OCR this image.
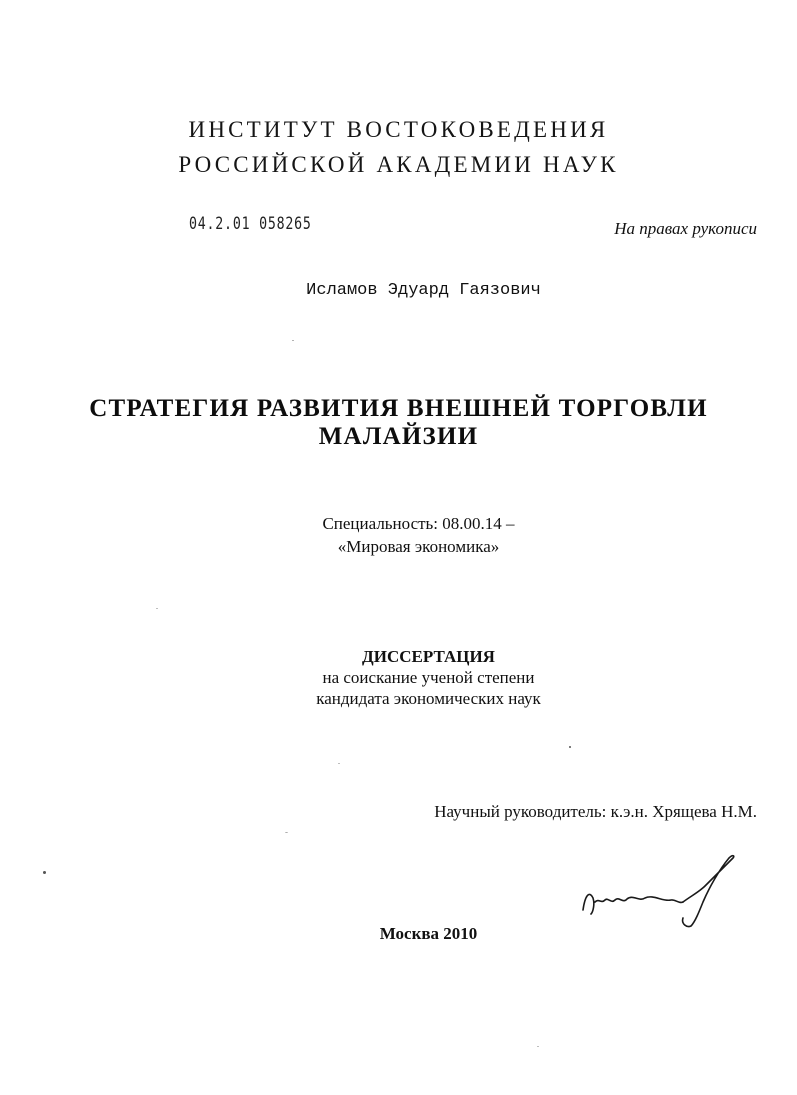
ИНСТИТУТ ВОСТОКОВЕДЕНИЯ
РОССИЙСКОЙ АКАДЕМИИ НАУК
04.2.01 058265	На правах рукописи
Исламов Эдуард Гаязович
СТРАТЕГИЯ РАЗВИТИЯ ВНЕШНЕЙ ТОРГОВЛИ
МАЛАЙЗИИ
Специальность: 08.00.14 –
«Мировая экономика»
ДИССЕРТАЦИЯ
на соискание ученой степени
кандидата экономических наук
Научный руководитель: к.э.н. Хрящева Н.М.
Москва 2010
